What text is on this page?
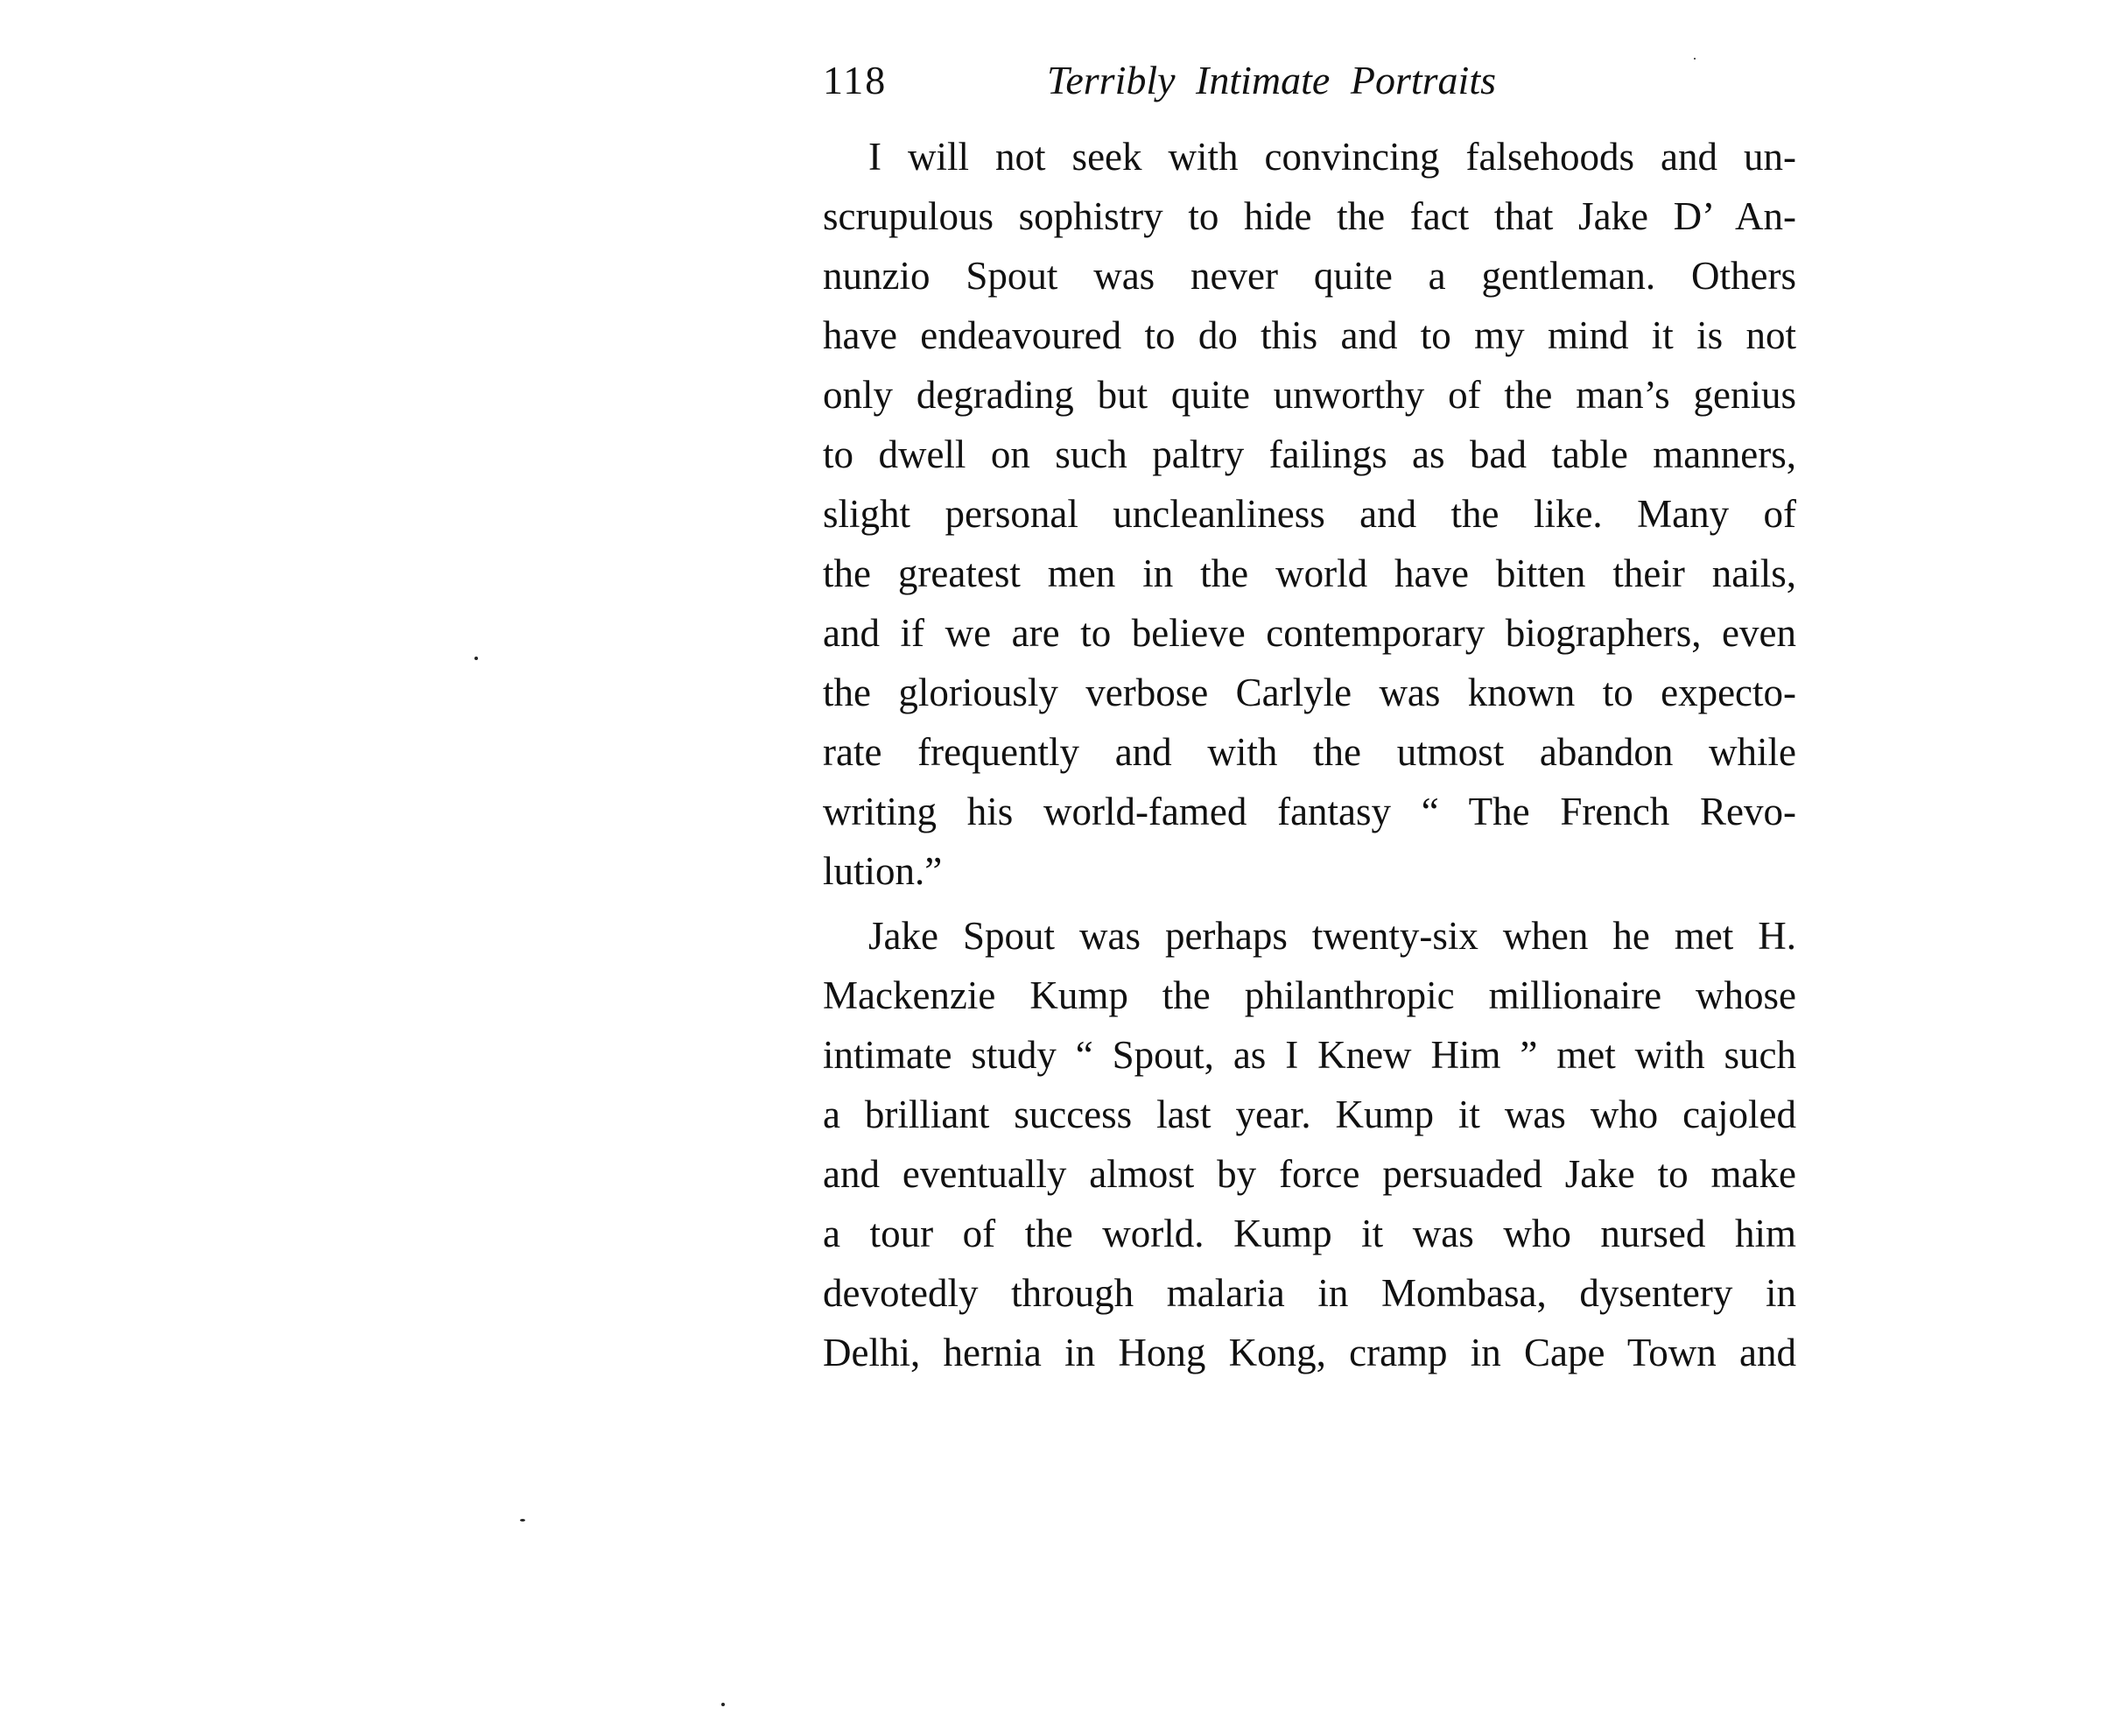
118	Terribly Intimate Portraits
I will not seek with convincing falsehoods and un-
scrupulous sophistry to hide the fact that Jake D’ An-
nunzio Spout was never quite a gentleman. Others
have endeavoured to do this and to my mind it is not
only degrading but quite unworthy of the man’s genius
to dwell on such paltry failings as bad table manners,
slight personal uncleanliness and the like. Many of
the greatest men in the world have bitten their nails,
and if we are to believe contemporary biographers, even
the gloriously verbose Carlyle was known to expecto-
rate frequently and with the utmost abandon while
writing his world-famed fantasy “ The French Revo-
lution.”
Jake Spout was perhaps twenty-six when he met H.
Mackenzie Kump the philanthropic millionaire whose
intimate study “ Spout, as I Knew Him ” met with such
a brilliant success last year. Kump it was who cajoled
and eventually almost by force persuaded Jake to make
a tour of the world. Kump it was who nursed him
devotedly through malaria in Mombasa, dysentery in
Delhi, hernia in Hong Kong, cramp in Cape Town and
